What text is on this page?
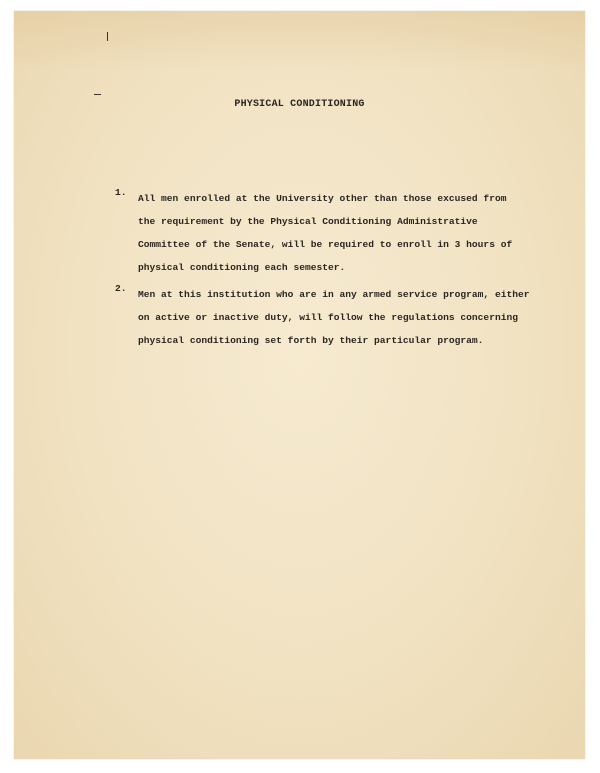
PHYSICAL CONDITIONING
1.
All men enrolled at the University other than those excused from
the requirement by the Physical Conditioning Administrative
Committee of the Senate, will be required to enroll in 3 hours of
physical conditioning each semester.
2.
Men at this institution who are in any armed service program, either
on active or inactive duty, will follow the regulations concerning
physical conditioning set forth by their particular program.
